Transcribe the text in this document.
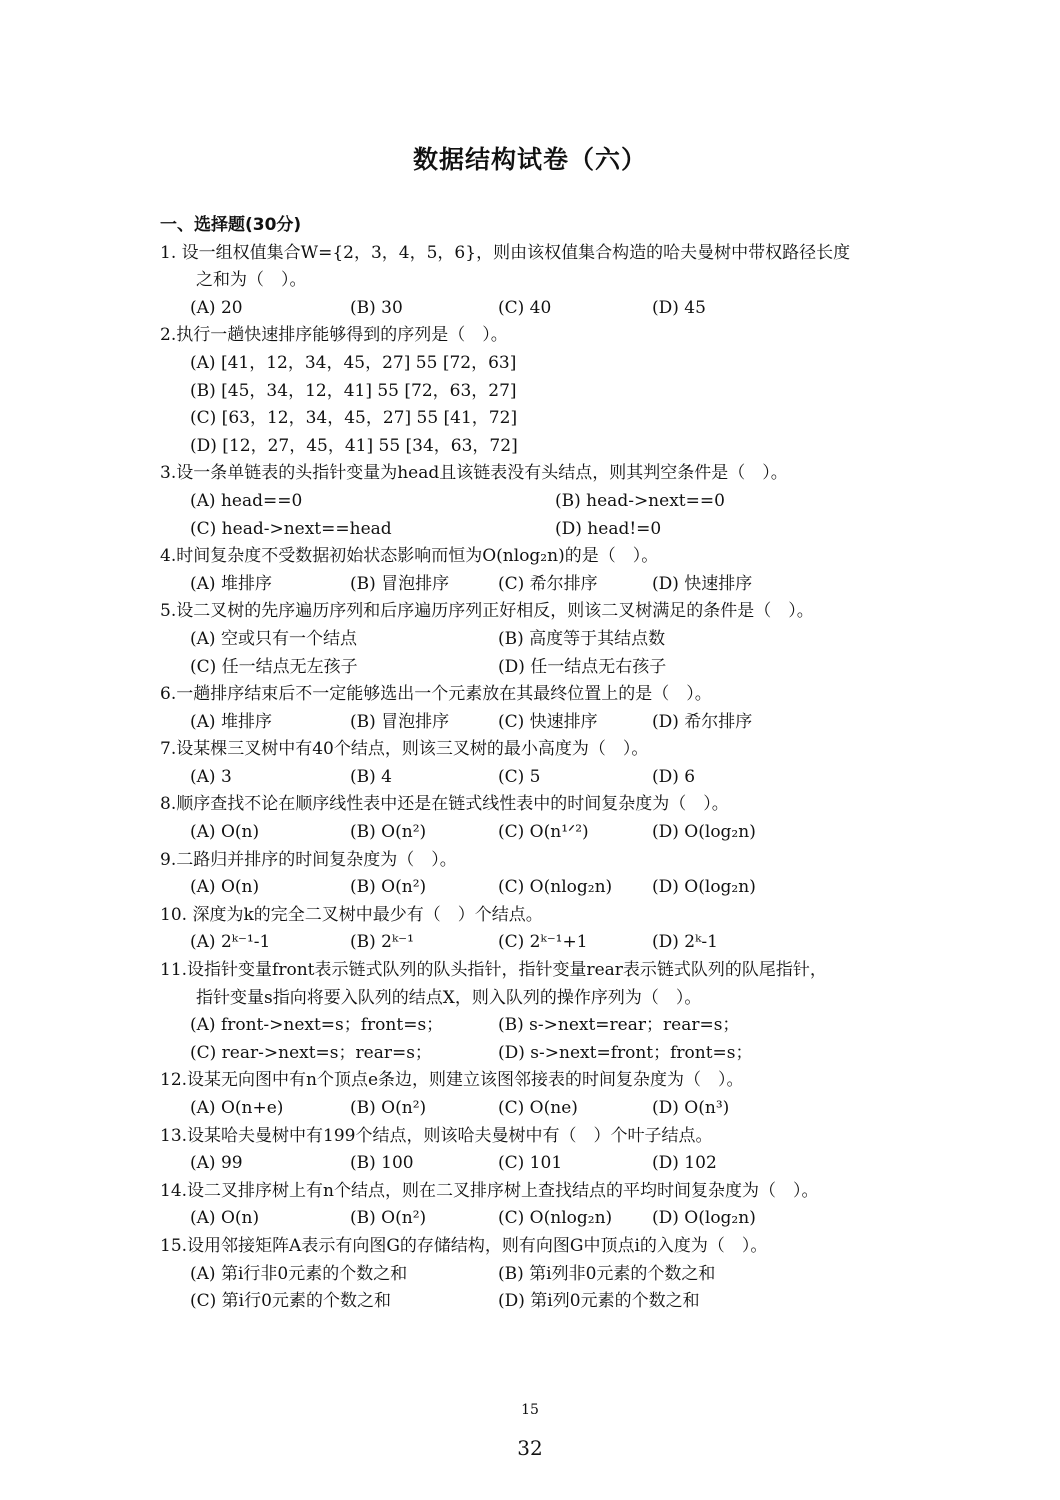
数据结构试卷（六）
一、选择题(30分)
1. 设一组权值集合W={2，3，4，5，6}，则由该权值集合构造的哈夫曼树中带权路径长度
之和为（　）。
(A) 20	(B) 30	(C) 40	(D) 45
2.执行一趟快速排序能够得到的序列是（　）。
(A) [41，12，34，45，27] 55 [72，63]
(B) [45，34，12，41] 55 [72，63，27]
(C) [63，12，34，45，27] 55 [41，72]
(D) [12，27，45，41] 55 [34，63，72]
3.设一条单链表的头指针变量为head且该链表没有头结点，则其判空条件是（　）。
(A) head==0	(B) head->next==0
(C) head->next==head	(D) head!=0
4.时间复杂度不受数据初始状态影响而恒为O(nlog₂n)的是（　）。
(A) 堆排序	(B) 冒泡排序	(C) 希尔排序	(D) 快速排序
5.设二叉树的先序遍历序列和后序遍历序列正好相反，则该二叉树满足的条件是（　）。
(A) 空或只有一个结点	(B) 高度等于其结点数
(C) 任一结点无左孩子	(D) 任一结点无右孩子
6.一趟排序结束后不一定能够选出一个元素放在其最终位置上的是（　）。
(A) 堆排序	(B) 冒泡排序	(C) 快速排序	(D) 希尔排序
7.设某棵三叉树中有40个结点，则该三叉树的最小高度为（　）。
(A) 3	(B) 4	(C) 5	(D) 6
8.顺序查找不论在顺序线性表中还是在链式线性表中的时间复杂度为（　）。
(A) O(n)	(B) O(n²)	(C) O(n¹ᐟ²)	(D) O(log₂n)
9.二路归并排序的时间复杂度为（　）。
(A) O(n)	(B) O(n²)	(C) O(nlog₂n)	(D) O(log₂n)
10. 深度为k的完全二叉树中最少有（　）个结点。
(A) 2ᵏ⁻¹-1	(B) 2ᵏ⁻¹	(C) 2ᵏ⁻¹+1	(D) 2ᵏ-1
11.设指针变量front表示链式队列的队头指针，指针变量rear表示链式队列的队尾指针，
指针变量s指向将要入队列的结点X，则入队列的操作序列为（　）。
(A) front->next=s；front=s；	(B) s->next=rear；rear=s；
(C) rear->next=s；rear=s；	(D) s->next=front；front=s；
12.设某无向图中有n个顶点e条边，则建立该图邻接表的时间复杂度为（　）。
(A) O(n+e)	(B) O(n²)	(C) O(ne)	(D) O(n³)
13.设某哈夫曼树中有199个结点，则该哈夫曼树中有（　）个叶子结点。
(A) 99	(B) 100	(C) 101	(D) 102
14.设二叉排序树上有n个结点，则在二叉排序树上查找结点的平均时间复杂度为（　）。
(A) O(n)	(B) O(n²)	(C) O(nlog₂n)	(D) O(log₂n)
15.设用邻接矩阵A表示有向图G的存储结构，则有向图G中顶点i的入度为（　）。
(A) 第i行非0元素的个数之和	(B) 第i列非0元素的个数之和
(C) 第i行0元素的个数之和	(D) 第i列0元素的个数之和
15
32
